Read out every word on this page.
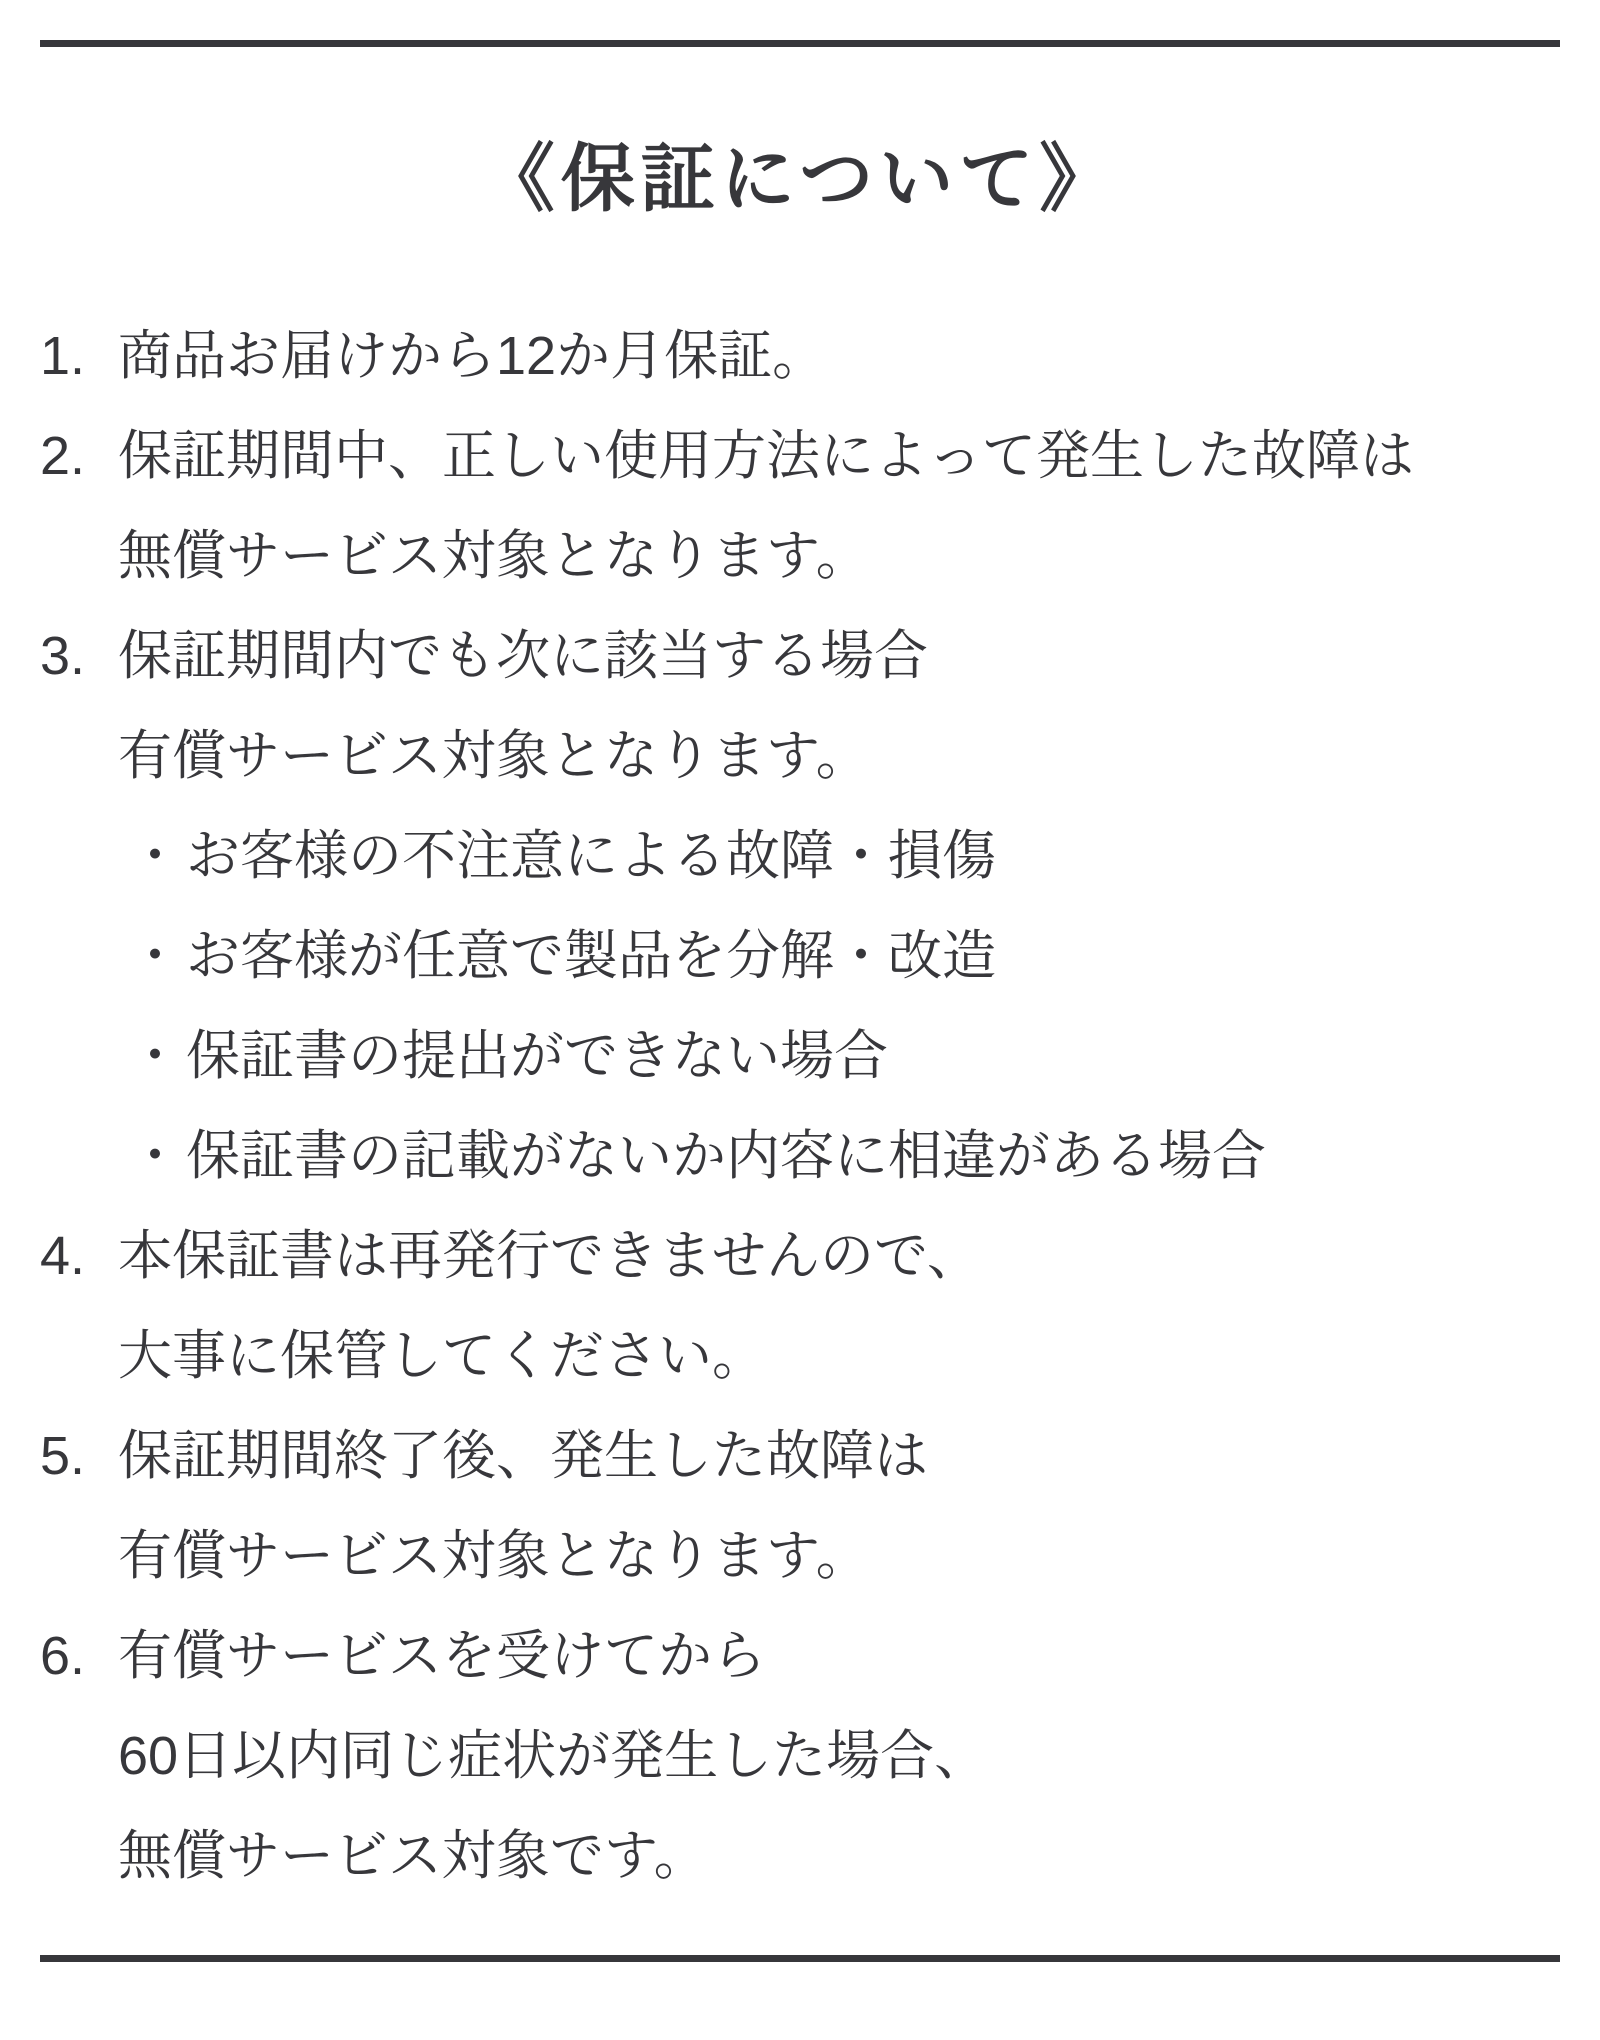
《保証について》
1. 商品お届けから12か月保証。
2. 保証期間中、正しい使用方法によって発生した故障は
無償サービス対象となります。
3. 保証期間内でも次に該当する場合
有償サービス対象となります。
・ お客様の不注意による故障・損傷
・ お客様が任意で製品を分解・改造
・ 保証書の提出ができない場合
・ 保証書の記載がないか内容に相違がある場合
4. 本保証書は再発行できませんので、
大事に保管してください。
5. 保証期間終了後、発生した故障は
有償サービス対象となります。
6. 有償サービスを受けてから
60日以内同じ症状が発生した場合、
無償サービス対象です。
